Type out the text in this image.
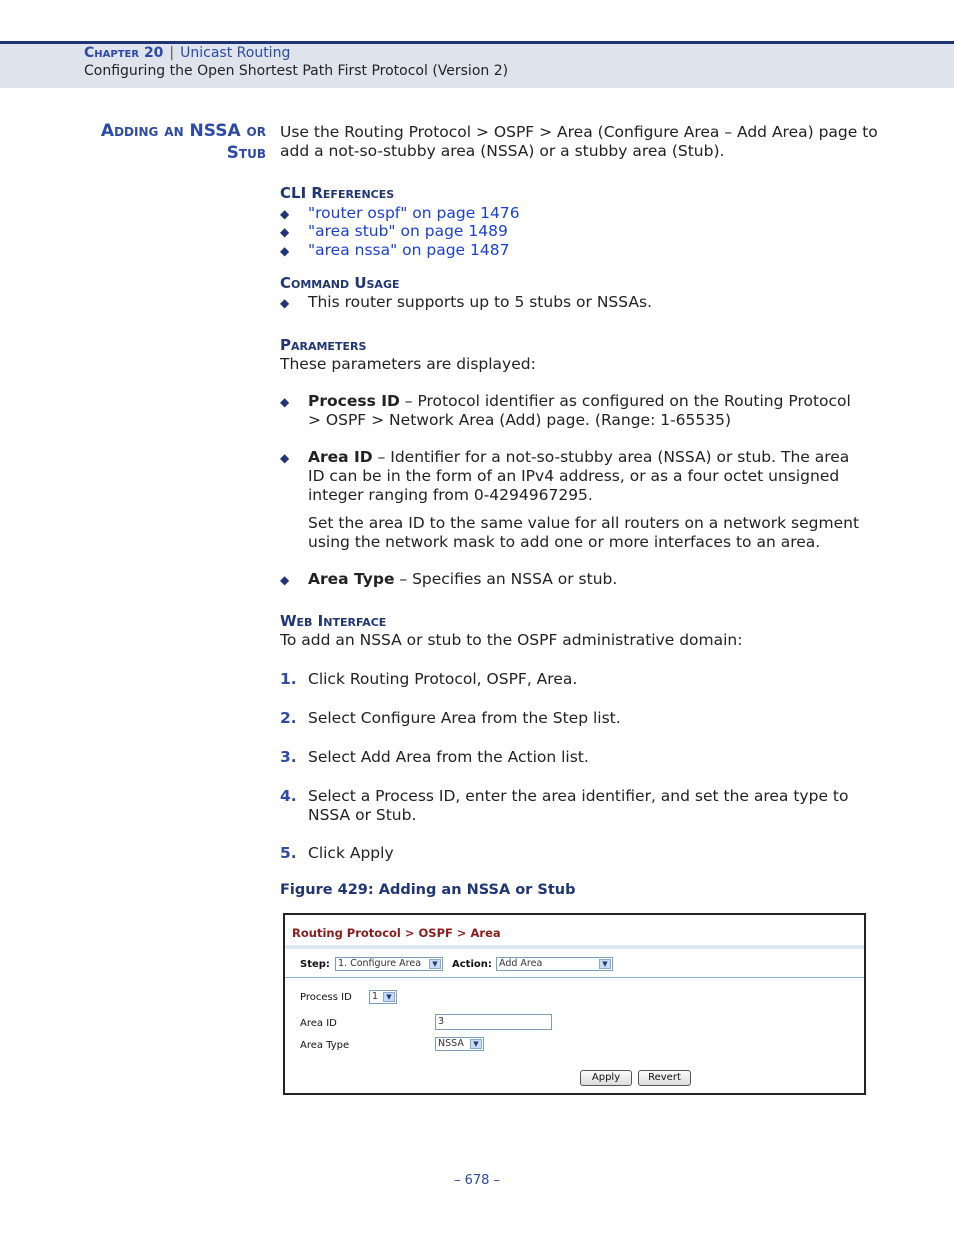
Chapter 20 | Unicast Routing
Configuring the Open Shortest Path First Protocol (Version 2)
Adding an NSSA or
Stub
Use the Routing Protocol > OSPF > Area (Configure Area – Add Area) page to add a not-so-stubby area (NSSA) or a stubby area (Stub).
CLI References
◆ "router ospf" on page 1476
◆ "area stub" on page 1489
◆ "area nssa" on page 1487
Command Usage
◆ This router supports up to 5 stubs or NSSAs.
Parameters
These parameters are displayed:
◆ Process ID – Protocol identifier as configured on the Routing Protocol > OSPF > Network Area (Add) page. (Range: 1-65535)
◆ Area ID – Identifier for a not-so-stubby area (NSSA) or stub. The area ID can be in the form of an IPv4 address, or as a four octet unsigned integer ranging from 0-4294967295.
Set the area ID to the same value for all routers on a network segment using the network mask to add one or more interfaces to an area.
◆ Area Type – Specifies an NSSA or stub.
Web Interface
To add an NSSA or stub to the OSPF administrative domain:
1. Click Routing Protocol, OSPF, Area.
2. Select Configure Area from the Step list.
3. Select Add Area from the Action list.
4. Select a Process ID, enter the area identifier, and set the area type to NSSA or Stub.
5. Click Apply
Figure 429: Adding an NSSA or Stub
Routing Protocol > OSPF > Area
Step: 1. Configure Area	▼	Action: Add Area	▼
Process ID	1	▼
Area ID	3
Area Type	NSSA	▼
Apply	Revert
– 678 –
